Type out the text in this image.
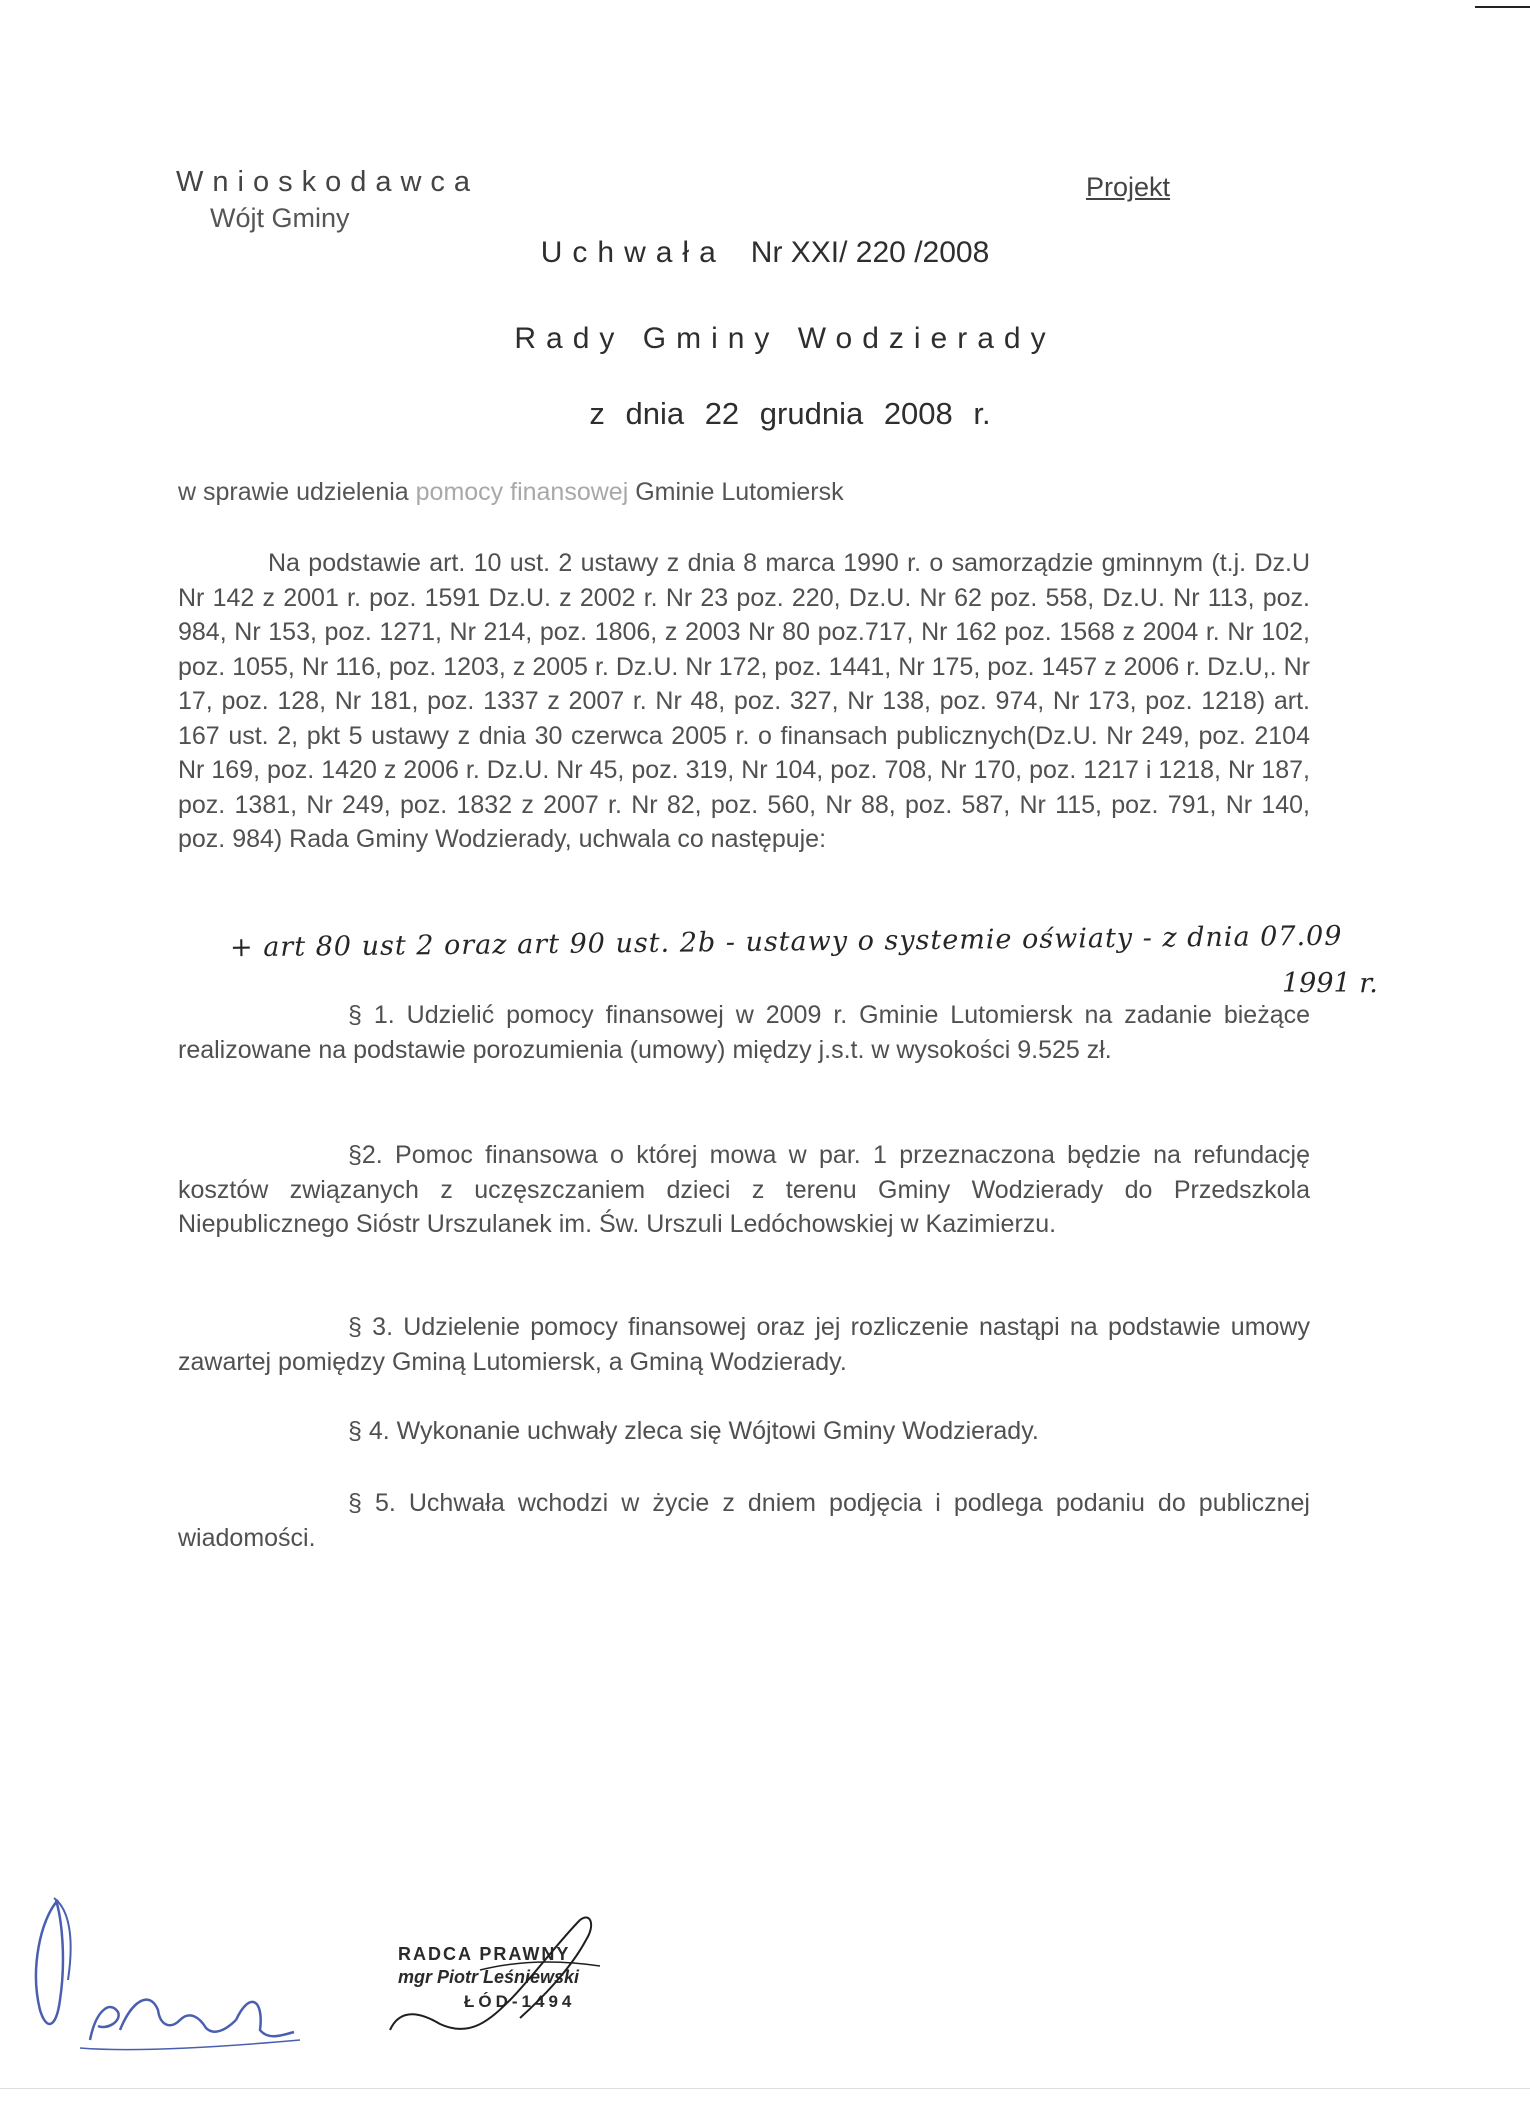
Wnioskodawca
Wójt Gminy
Projekt
Uchwała Nr XXI/ 220 /2008
Rady Gminy Wodzierady
z dnia 22 grudnia 2008 r.
w sprawie udzielenia pomocy finansowej Gminie Lutomiersk
Na podstawie art. 10 ust. 2 ustawy z dnia 8 marca 1990 r. o samorządzie gminnym (t.j. Dz.U Nr 142 z 2001 r. poz. 1591 Dz.U. z 2002 r. Nr 23 poz. 220, Dz.U. Nr 62 poz. 558, Dz.U. Nr 113, poz. 984, Nr 153, poz. 1271, Nr 214, poz. 1806, z 2003 Nr 80 poz.717, Nr 162 poz. 1568 z 2004 r. Nr 102, poz. 1055, Nr 116, poz. 1203, z 2005 r. Dz.U. Nr 172, poz. 1441, Nr 175, poz. 1457 z 2006 r. Dz.U,. Nr 17, poz. 128, Nr 181, poz. 1337 z 2007 r. Nr 48, poz. 327, Nr 138, poz. 974, Nr 173, poz. 1218) art. 167 ust. 2, pkt 5 ustawy z dnia 30 czerwca 2005 r. o finansach publicznych(Dz.U. Nr 249, poz. 2104 Nr 169, poz. 1420 z 2006 r. Dz.U. Nr 45, poz. 319, Nr 104, poz. 708, Nr 170, poz. 1217 i 1218, Nr 187, poz. 1381, Nr 249, poz. 1832 z 2007 r. Nr 82, poz. 560, Nr 88, poz. 587, Nr 115, poz. 791, Nr 140, poz. 984) Rada Gminy Wodzierady, uchwala co następuje:
+ art 80 ust 2 oraz art 90 ust. 2b - ustawy o systemie oświaty - z dnia 07.09
1991 r.
§ 1. Udzielić pomocy finansowej w 2009 r. Gminie Lutomiersk na zadanie bieżące realizowane na podstawie porozumienia (umowy) między j.s.t. w wysokości 9.525 zł.
§2. Pomoc finansowa o której mowa w par. 1 przeznaczona będzie na refundację kosztów związanych z uczęszczaniem dzieci z terenu Gminy Wodzierady do Przedszkola Niepublicznego Sióstr Urszulanek im. Św. Urszuli Ledóchowskiej w Kazimierzu.
§ 3. Udzielenie pomocy finansowej oraz jej rozliczenie nastąpi na podstawie umowy zawartej pomiędzy Gminą Lutomiersk, a Gminą Wodzierady.
§ 4. Wykonanie uchwały zleca się Wójtowi Gminy Wodzierady.
§ 5. Uchwała wchodzi w życie z dniem podjęcia i podlega podaniu do publicznej wiadomości.
RADCA PRAWNY
mgr Piotr Leśniewski
ŁÓD-1494
